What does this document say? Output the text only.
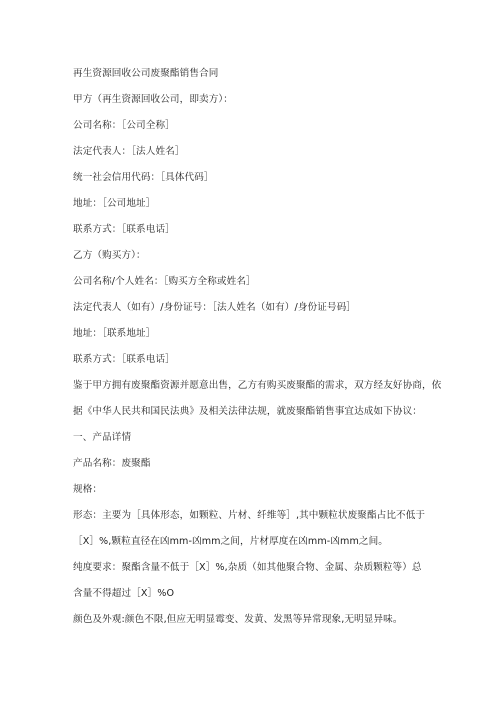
再生资源回收公司废聚酯销售合同
甲方（再生资源回收公司，即卖方）：
公司名称：［公司全称］
法定代表人：［法人姓名］
统一社会信用代码：［具体代码］
地址：［公司地址］
联系方式：［联系电话］
乙方（购买方）：
公司名称/个人姓名：［购买方全称或姓名］
法定代表人（如有）/身份证号：［法人姓名（如有）/身份证号码］
地址：［联系地址］
联系方式：［联系电话］
鉴于甲方拥有废聚酯资源并愿意出售，乙方有购买废聚酯的需求，双方经友好协商，依
据《中华人民共和国民法典》及相关法律法规，就废聚酯销售事宜达成如下协议：
一、产品详情
产品名称：废聚酯
规格：
形态：主要为［具体形态，如颗粒、片材、纤维等］,其中颗粒状废聚酯占比不低于
［X］%,颗粒直径在凶mm-凶mm之间，片材厚度在凶mm-凶mm之间。
纯度要求：聚酯含量不低于［X］%,杂质（如其他聚合物、金属、杂质颗粒等）总
含量不得超过［X］%O
颜色及外观:颜色不限,但应无明显霉变、发黄、发黑等异常现象,无明显异味。
